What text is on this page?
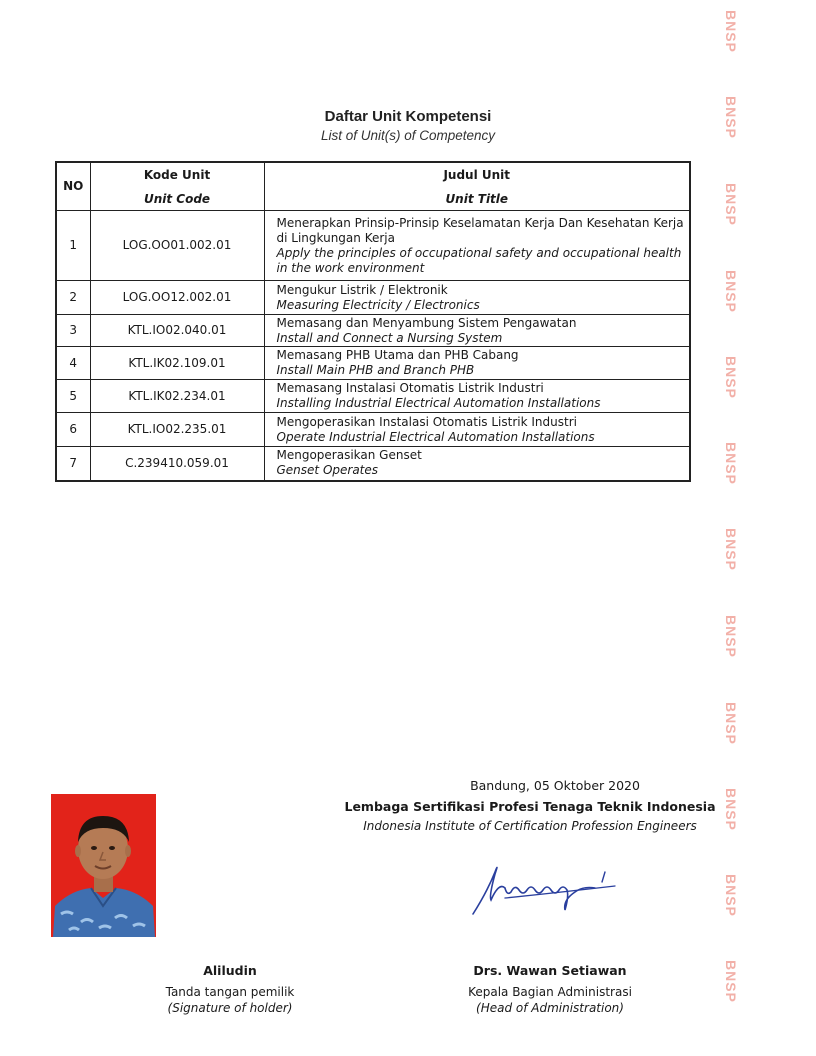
Daftar Unit Kompetensi
List of Unit(s) of Competency
NO	Kode Unit	Judul Unit
	Unit Code	Unit Title
1	LOG.OO01.002.01	Menerapkan Prinsip-Prinsip Keselamatan Kerja Dan Kesehatan Kerja di Lingkungan Kerja
Apply the principles of occupational safety and occupational health in the work environment

2	LOG.OO12.002.01	Mengukur Listrik / Elektronik
Measuring Electricity / Electronics

3	KTL.IO02.040.01	Memasang dan Menyambung Sistem Pengawatan
Install and Connect a Nursing System

4	KTL.IK02.109.01	Memasang PHB Utama dan PHB Cabang
Install Main PHB and Branch PHB

5	KTL.IK02.234.01	Memasang Instalasi Otomatis Listrik Industri
Installing Industrial Electrical Automation Installations

6	KTL.IO02.235.01	Mengoperasikan Instalasi Otomatis Listrik Industri
Operate Industrial Electrical Automation Installations

7	C.239410.059.01	Mengoperasikan Genset
Genset Operates
BNSP
BNSP
BNSP
BNSP
BNSP
BNSP
BNSP
BNSP
BNSP
BNSP
BNSP
BNSP
Bandung, 05 Oktober 2020
Lembaga Sertifikasi Profesi Tenaga Teknik Indonesia
Indonesia Institute of Certification Profession Engineers
Aliludin
Tanda tangan pemilik
(Signature of holder)
Drs. Wawan Setiawan
Kepala Bagian Administrasi
(Head of Administration)
